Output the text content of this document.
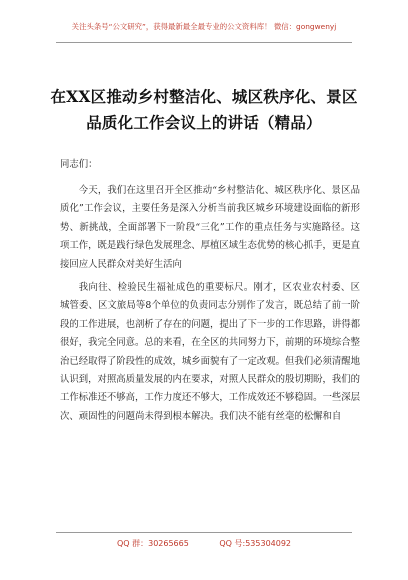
关注头条号“公文研究”，获得最新最全最专业的公文资料库！ 微信：gongwenyj
在XX区推动乡村整洁化、城区秩序化、景区品质化工作会议上的讲话（精品）
同志们：

今天，我们在这里召开全区推动“乡村整洁化、城区秩序化、景区品质化”工作会议，主要任务是深入分析当前我区城乡环境建设面临的新形势、新挑战，全面部署下一阶段“三化”工作的重点任务与实施路径。这项工作，既是践行绿色发展理念、厚植区域生态优势的核心抓手，更是直接回应人民群众对美好生活向

我向往、检验民生福祉成色的重要标尺。刚才，区农业农村委、区城管委、区文旅局等8个单位的负责同志分别作了发言，既总结了前一阶段的工作进展，也剖析了存在的问题，提出了下一步的工作思路，讲得都很好，我完全同意。总的来看，在全区的共同努力下，前期的环境综合整治已经取得了阶段性的成效，城乡面貌有了一定改观。但我们必须清醒地认识到，对照高质量发展的内在要求，对照人民群众的殷切期盼，我们的工作标准还不够高，工作力度还不够大，工作成效还不够稳固。一些深层次、顽固性的问题尚未得到根本解决。我们决不能有丝毫的松懈和自

QQ 群：30265665	QQ 号:535304092
